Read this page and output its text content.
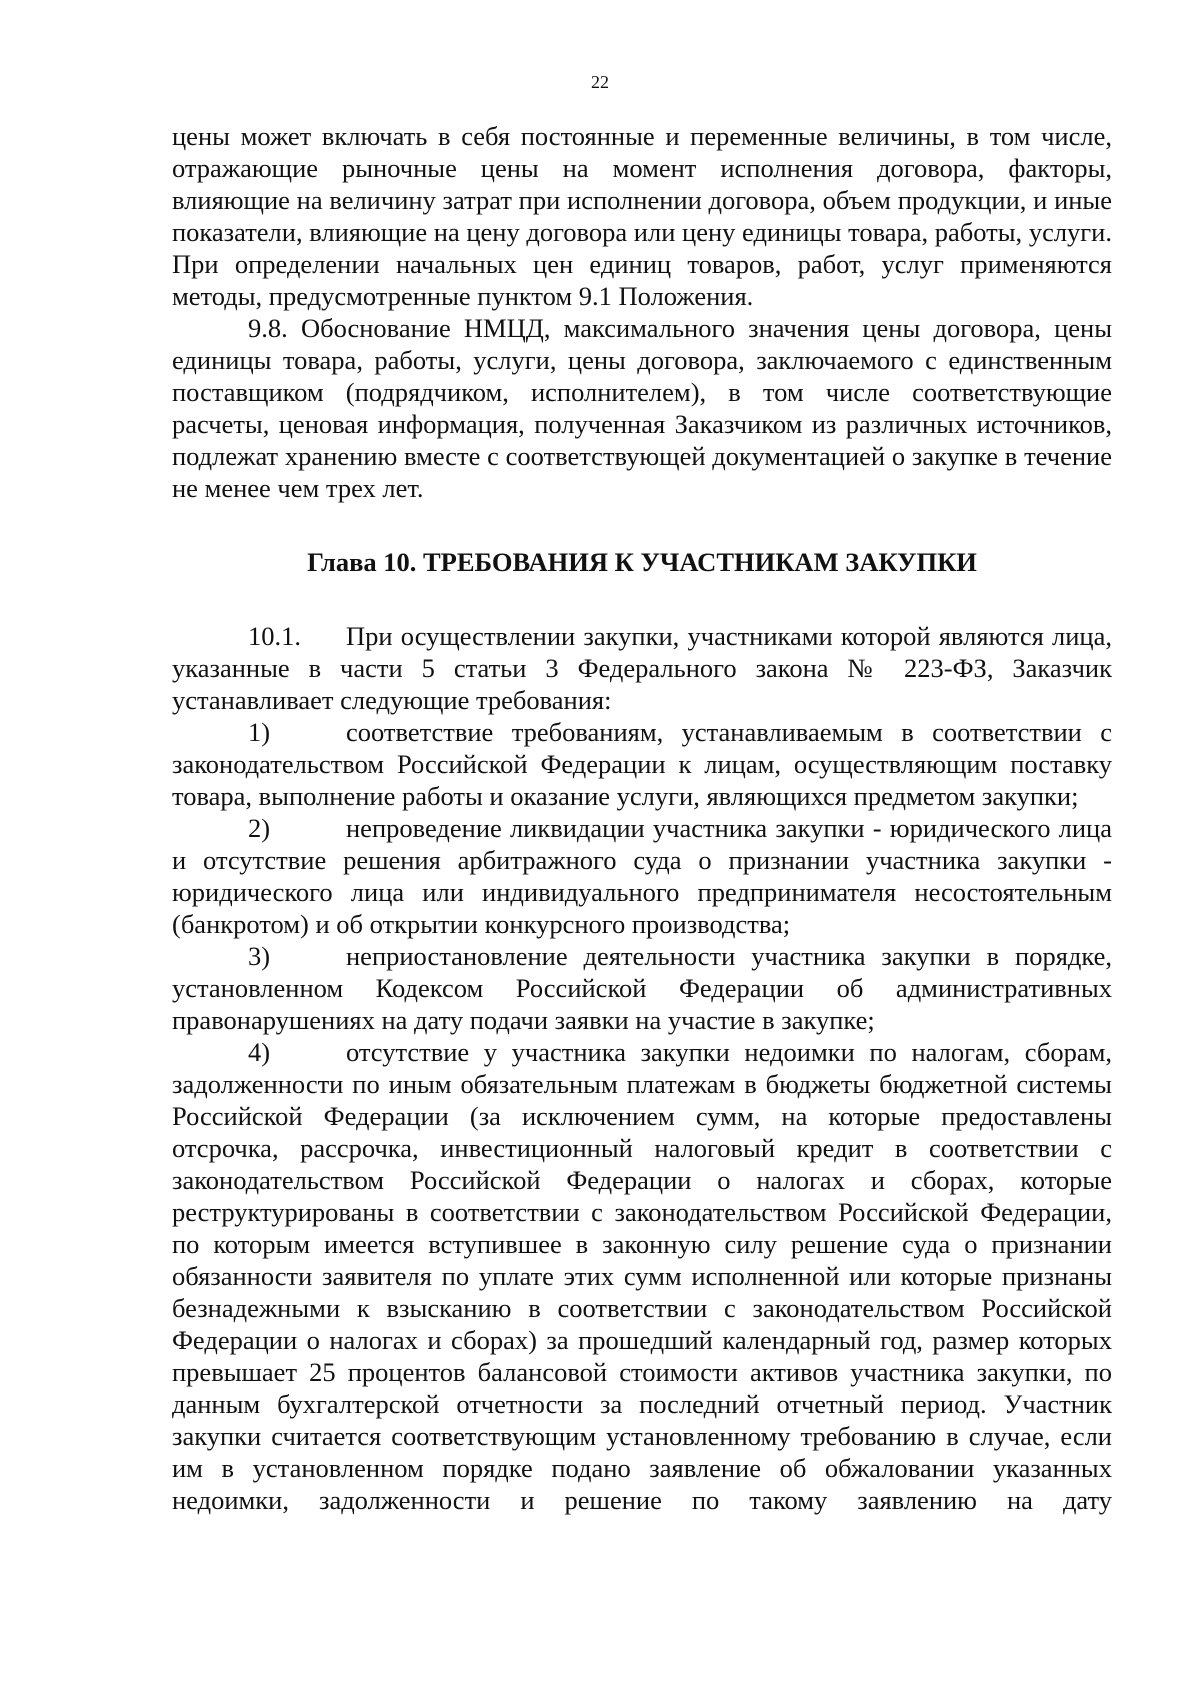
22

цены может включать в себя постоянные и переменные величины, в том числе, отражающие рыночные цены на момент исполнения договора, факторы, влияющие на величину затрат при исполнении договора, объем продукции, и иные показатели, влияющие на цену договора или цену единицы товара, работы, услуги. При определении начальных цен единиц товаров, работ, услуг применяются методы, предусмотренные пунктом 9.1 Положения.

9.8. Обоснование НМЦД, максимального значения цены договора, цены единицы товара, работы, услуги, цены договора, заключаемого с единственным поставщиком (подрядчиком, исполнителем), в том числе соответствующие расчеты, ценовая информация, полученная Заказчиком из различных источников, подлежат хранению вместе с соответствующей документацией о закупке в течение не менее чем трех лет.

Глава 10. ТРЕБОВАНИЯ К УЧАСТНИКАМ ЗАКУПКИ

10.1. При осуществлении закупки, участниками которой являются лица, указанные в части 5 статьи 3 Федерального закона № 223-ФЗ, Заказчик устанавливает следующие требования:

1)	соответствие требованиям, устанавливаемым в соответствии с законодательством Российской Федерации к лицам, осуществляющим поставку товара, выполнение работы и оказание услуги, являющихся предметом закупки;

2)	непроведение ликвидации участника закупки - юридического лица и отсутствие решения арбитражного суда о признании участника закупки - юридического лица или индивидуального предпринимателя несостоятельным (банкротом) и об открытии конкурсного производства;

3)	неприостановление деятельности участника закупки в порядке, установленном Кодексом Российской Федерации об административных правонарушениях на дату подачи заявки на участие в закупке;

4)	отсутствие у участника закупки недоимки по налогам, сборам, задолженности по иным обязательным платежам в бюджеты бюджетной системы Российской Федерации (за исключением сумм, на которые предоставлены отсрочка, рассрочка, инвестиционный налоговый кредит в соответствии с законодательством Российской Федерации о налогах и сборах, которые реструктурированы в соответствии с законодательством Российской Федерации, по которым имеется вступившее в законную силу решение суда о признании обязанности заявителя по уплате этих сумм исполненной или которые признаны безнадежными к взысканию в соответствии с законодательством Российской Федерации о налогах и сборах) за прошедший календарный год, размер которых превышает 25 процентов балансовой стоимости активов участника закупки, по данным бухгалтерской отчетности за последний отчетный период. Участник закупки считается соответствующим установленному требованию в случае, если им в установленном порядке подано заявление об обжаловании указанных недоимки, задолженности и решение по такому заявлению на дату
